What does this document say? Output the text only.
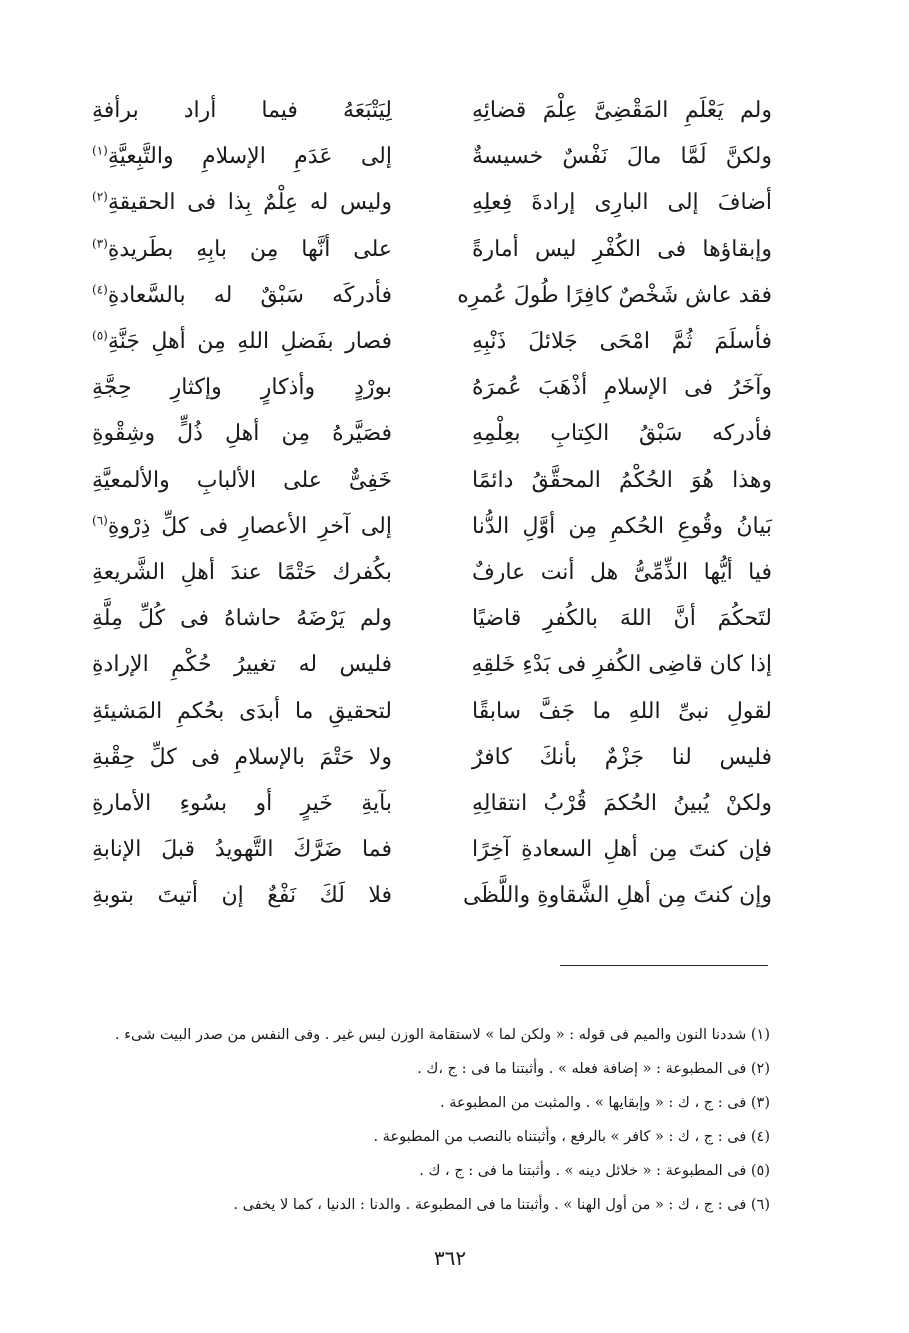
ولم يَعْلَمِ المَقْضِىَّ عِلْمَ قضائِهِ
لِيَتْبَعَهُ فيما أراد برأفةِ
ولكنَّ لَمَّا مالَ نَفْسٌ خسيسةٌ
إلى عَدَمِ الإسلامِ والتَّبِعيَّةِ$^{(١)}$
أضافَ إلى البارِى إرادةَ فِعلِهِ
وليس له عِلْمٌ بِذا فى الحقيقةِ$^{(٢)}$
وإبقاؤها فى الكُفْرِ ليس أمارةً
على أنَّها مِن بابِهِ بطَريدةِ$^{(٣)}$
فقد عاش شَخْصٌ كافِرًا طُولَ عُمرِه
فأدركَه سَبْقٌ له بالسَّعادةِ$^{(٤)}$
فأسلَمَ ثُمَّ امْحَى جَلائلَ ذَنْبِهِ
فصار بفَضلِ اللهِ مِن أهلِ جَنَّةِ$^{(٥)}$
وآخَرُ فى الإسلامِ أذْهَبَ عُمرَهُ
بورْدٍ وأذكارٍ وإكثارِ حِجَّةِ
فأدركه سَبْقُ الكِتابِ بعِلْمِهِ
فصَيَّرهُ مِن أهلِ ذُلٍّ وشِقْوةِ
وهذا هُوَ الحُكْمُ المحقَّقُ دائمًا
خَفِىٌّ على الألبابِ والألمعيَّةِ
بَيانُ وقُوعِ الحُكمِ مِن أوَّلِ الدُّنا
إلى آخرِ الأعصارِ فى كلِّ ذِرْوةِ$^{(٦)}$
فيا أيُّها الذِّمِّىُّ هل أنت عارفٌ
بكُفرك حَتْمًا عندَ أهلِ الشَّريعةِ
لتَحكُمَ أنَّ اللهَ بالكُفرِ قاضيًا
ولم يَرْضَهُ حاشاهُ فى كُلِّ مِلَّةِ
إذا كان قاضِى الكُفرِ فى بَدْءِ خَلقِهِ
فليس له تغييرُ حُكْمِ الإرادةِ
لقولِ نبىِّ اللهِ ما جَفَّ سابقًا
لتحقيقِ ما أبدَى بحُكمِ المَشيئةِ
فليس لنا جَزْمٌ بأنكَ كافرٌ
ولا حَتْمَ بالإسلامِ فى كلِّ حِقْبةِ
ولكنْ يُبينُ الحُكمَ قُرْبُ انتقالِهِ
بآيةِ خَيرٍ أو بسُوءِ الأمارةِ
فإن كنتَ مِن أهلِ السعادةِ آخِرًا
فما ضَرَّكَ التَّهويدُ قبلَ الإنابةِ
وإن كنتَ مِن أهلِ الشَّقاوةِ واللَّظَى
فلا لَكَ نَفْعٌ إن أتيتَ بتوبةِ
(١) شددنا النون والميم فى قوله : « ولكن لما » لاستقامة الوزن ليس غير . وفى النفس من صدر البيت شىء .
(٢) فى المطبوعة : « إضافة فعله » . وأثبتنا ما فى : ج ،ك .
(٣) فى : ج ، ك : « وإبقايها » . والمثبت من المطبوعة .
(٤) فى : ج ، ك : « كافر » بالرفع ، وأثبتناه بالنصب من المطبوعة .
(٥) فى المطبوعة : « خلائل دينه » . وأثبتنا ما فى : ج ، ك .
(٦) فى : ج ، ك : « من أول الهنا » . وأثبتنا ما فى المطبوعة . والدنا : الدنيا ، كما لا يخفى .
٣٦٢
